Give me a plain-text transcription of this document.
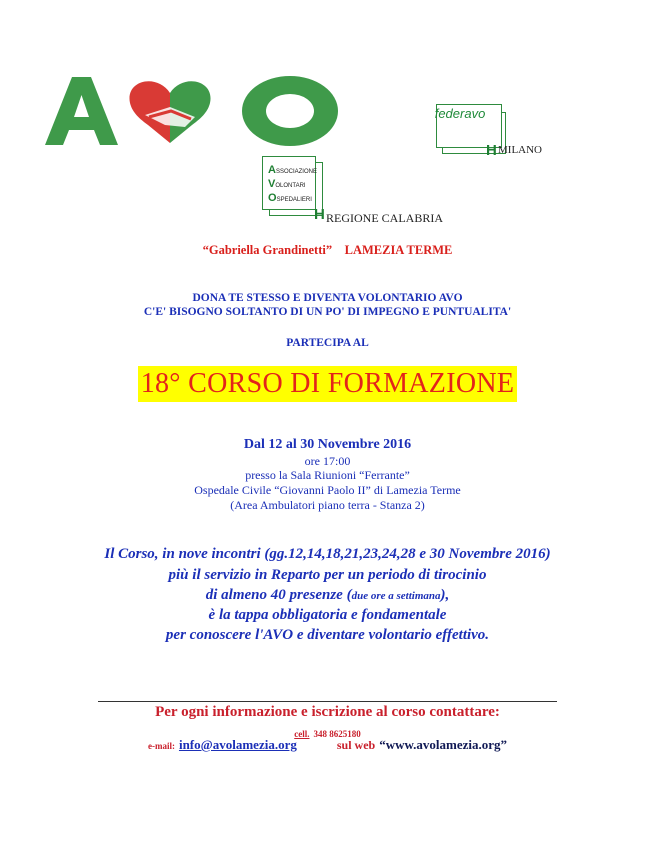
federavo
H MILANO
ASSOCIAZIONE
VOLONTARI
OSPEDALIERI
H REGIONE CALABRIA
“Gabriella Grandinetti” LAMEZIA TERME
DONA TE STESSO E DIVENTA VOLONTARIO AVO
C'E' BISOGNO SOLTANTO DI UN PO' DI IMPEGNO E PUNTUALITA'
PARTECIPA AL
18° CORSO DI FORMAZIONE
Dal 12 al 30 Novembre 2016
ore 17:00
presso la Sala Riunioni “Ferrante”
Ospedale Civile “Giovanni Paolo II” di Lamezia Terme
(Area Ambulatori piano terra - Stanza 2)
Il Corso, in nove incontri (gg.12,14,18,21,23,24,28 e 30 Novembre 2016)
più il servizio in Reparto per un periodo di tirocinio
di almeno 40 presenze (due ore a settimana),
è la tappa obbligatoria e fondamentale
per conoscere l'AVO e diventare volontario effettivo.
Per ogni informazione e iscrizione al corso contattare:
cell. 348 8625180
e-mail: info@avolamezia.org	sul web “www.avolamezia.org”
